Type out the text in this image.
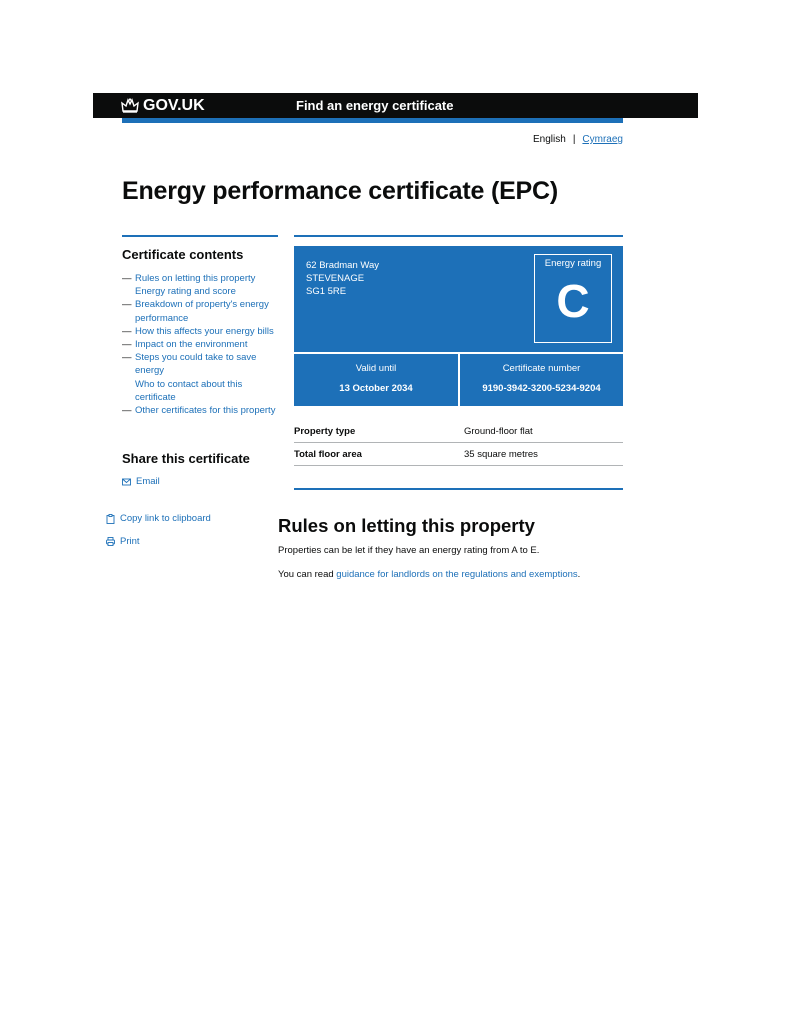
GOV.UK	Find an energy certificate
English | Cymraeg
Energy performance certificate (EPC)
Certificate contents
— Rules on letting this property
Energy rating and score
— Breakdown of property's energy performance
— How this affects your energy bills
— Impact on the environment
— Steps you could take to save energy
Who to contact about this certificate
— Other certificates for this property
Share this certificate
Email
Copy link to clipboard
Print
62 Bradman Way
STEVENAGE
SG1 5RE
Energy rating
C
Valid until
13 October 2034
Certificate number
9190-3942-3200-5234-9204
Property type	Ground-floor flat
Total floor area	35 square metres
Rules on letting this property

Properties can be let if they have an energy rating from A to E.

You can read guidance for landlords on the regulations and exemptions.
